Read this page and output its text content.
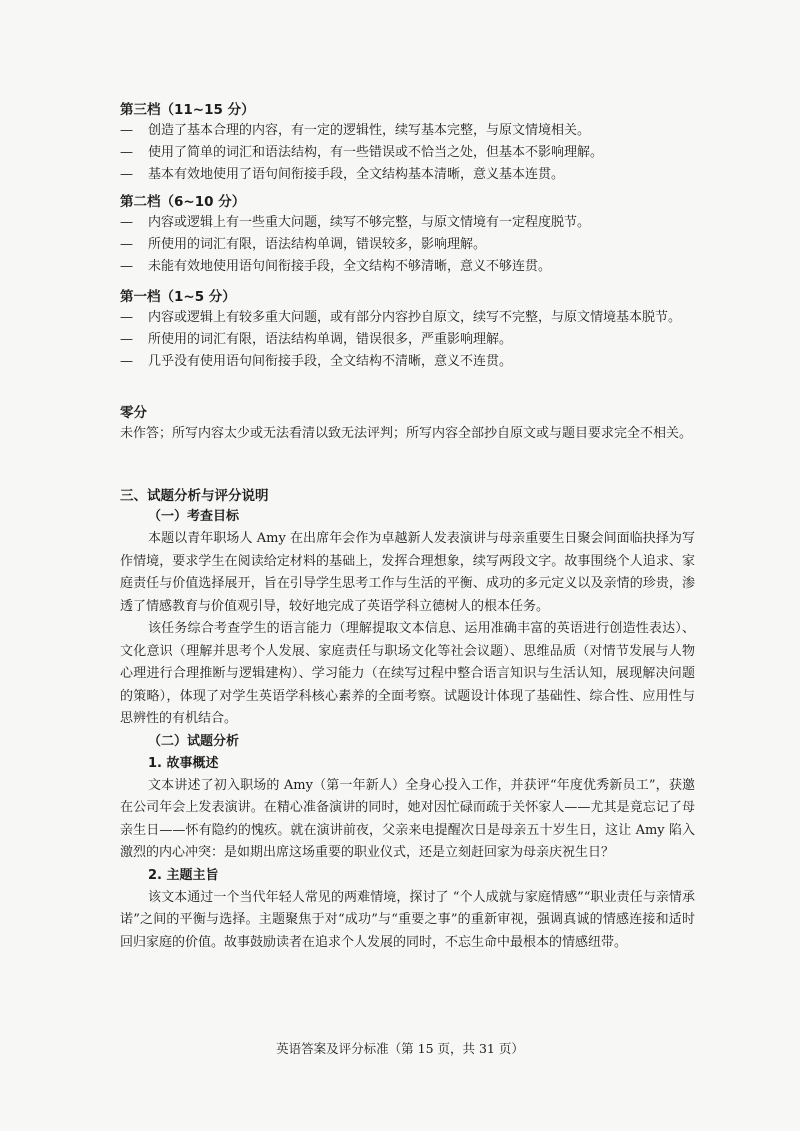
第三档（11~15 分）
—	创造了基本合理的内容，有一定的逻辑性，续写基本完整，与原文情境相关。
—	使用了简单的词汇和语法结构，有一些错误或不恰当之处，但基本不影响理解。
—	基本有效地使用了语句间衔接手段，全文结构基本清晰，意义基本连贯。
第二档（6~10 分）
—	内容或逻辑上有一些重大问题，续写不够完整，与原文情境有一定程度脱节。
—	所使用的词汇有限，语法结构单调，错误较多，影响理解。
—	未能有效地使用语句间衔接手段，全文结构不够清晰，意义不够连贯。
第一档（1~5 分）
—	内容或逻辑上有较多重大问题，或有部分内容抄自原文，续写不完整，与原文情境基本脱节。
—	所使用的词汇有限，语法结构单调，错误很多，严重影响理解。
—	几乎没有使用语句间衔接手段，全文结构不清晰，意义不连贯。
零分
未作答；所写内容太少或无法看清以致无法评判；所写内容全部抄自原文或与题目要求完全不相关。
三、试题分析与评分说明
（一）考查目标
本题以青年职场人 Amy 在出席年会作为卓越新人发表演讲与母亲重要生日聚会间面临抉择为写作情境，要求学生在阅读给定材料的基础上，发挥合理想象，续写两段文字。故事围绕个人追求、家庭责任与价值选择展开，旨在引导学生思考工作与生活的平衡、成功的多元定义以及亲情的珍贵，渗透了情感教育与价值观引导，较好地完成了英语学科立德树人的根本任务。
该任务综合考查学生的语言能力（理解提取文本信息、运用准确丰富的英语进行创造性表达）、文化意识（理解并思考个人发展、家庭责任与职场文化等社会议题）、思维品质（对情节发展与人物心理进行合理推断与逻辑建构）、学习能力（在续写过程中整合语言知识与生活认知，展现解决问题的策略），体现了对学生英语学科核心素养的全面考察。试题设计体现了基础性、综合性、应用性与思辨性的有机结合。
（二）试题分析
1. 故事概述
文本讲述了初入职场的 Amy（第一年新人）全身心投入工作，并获评“年度优秀新员工”，获邀在公司年会上发表演讲。在精心准备演讲的同时，她对因忙碌而疏于关怀家人——尤其是竟忘记了母亲生日——怀有隐约的愧疚。就在演讲前夜，父亲来电提醒次日是母亲五十岁生日，这让 Amy 陷入激烈的内心冲突：是如期出席这场重要的职业仪式，还是立刻赶回家为母亲庆祝生日？
2. 主题主旨
该文本通过一个当代年轻人常见的两难情境，探讨了 “个人成就与家庭情感”“职业责任与亲情承诺”之间的平衡与选择。主题聚焦于对“成功”与“重要之事”的重新审视，强调真诚的情感连接和适时回归家庭的价值。故事鼓励读者在追求个人发展的同时，不忘生命中最根本的情感纽带。
英语答案及评分标准（第 15 页，共 31 页）
